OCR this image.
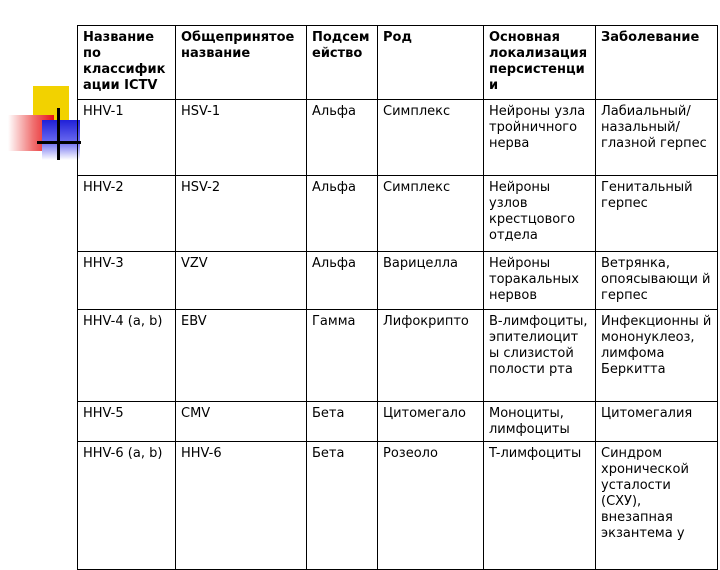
Название по классифик ации ICTV	Общепринятое название	Подсем ейство	Род	Основная локализация персистенци и	Заболевание
HHV-1	HSV-1	Альфа	Симплекс	Нейроны узла тройничного нерва	Лабиальный/ назальный/ глазной герпес
HHV-2	HSV-2	Альфа	Симплекс	Нейроны узлов крестцового отдела	Генитальный герпес
HHV-3	VZV	Альфа	Варицелла	Нейроны торакальных нервов	Ветрянка, опоясывающи й герпес
HHV-4 (a, b)	EBV	Гамма	Лифокрипто	B-лимфоциты, эпителиоцит ы слизистой полости рта	Инфекционны й мононуклеоз, лимфома Беркитта
HHV-5	CMV	Бета	Цитомегало	Моноциты, лимфоциты	Цитомегалия
HHV-6 (a, b)	HHV-6	Бета	Розеоло	T-лимфоциты	Синдром хронической усталости (СХУ), внезапная экзантема у
